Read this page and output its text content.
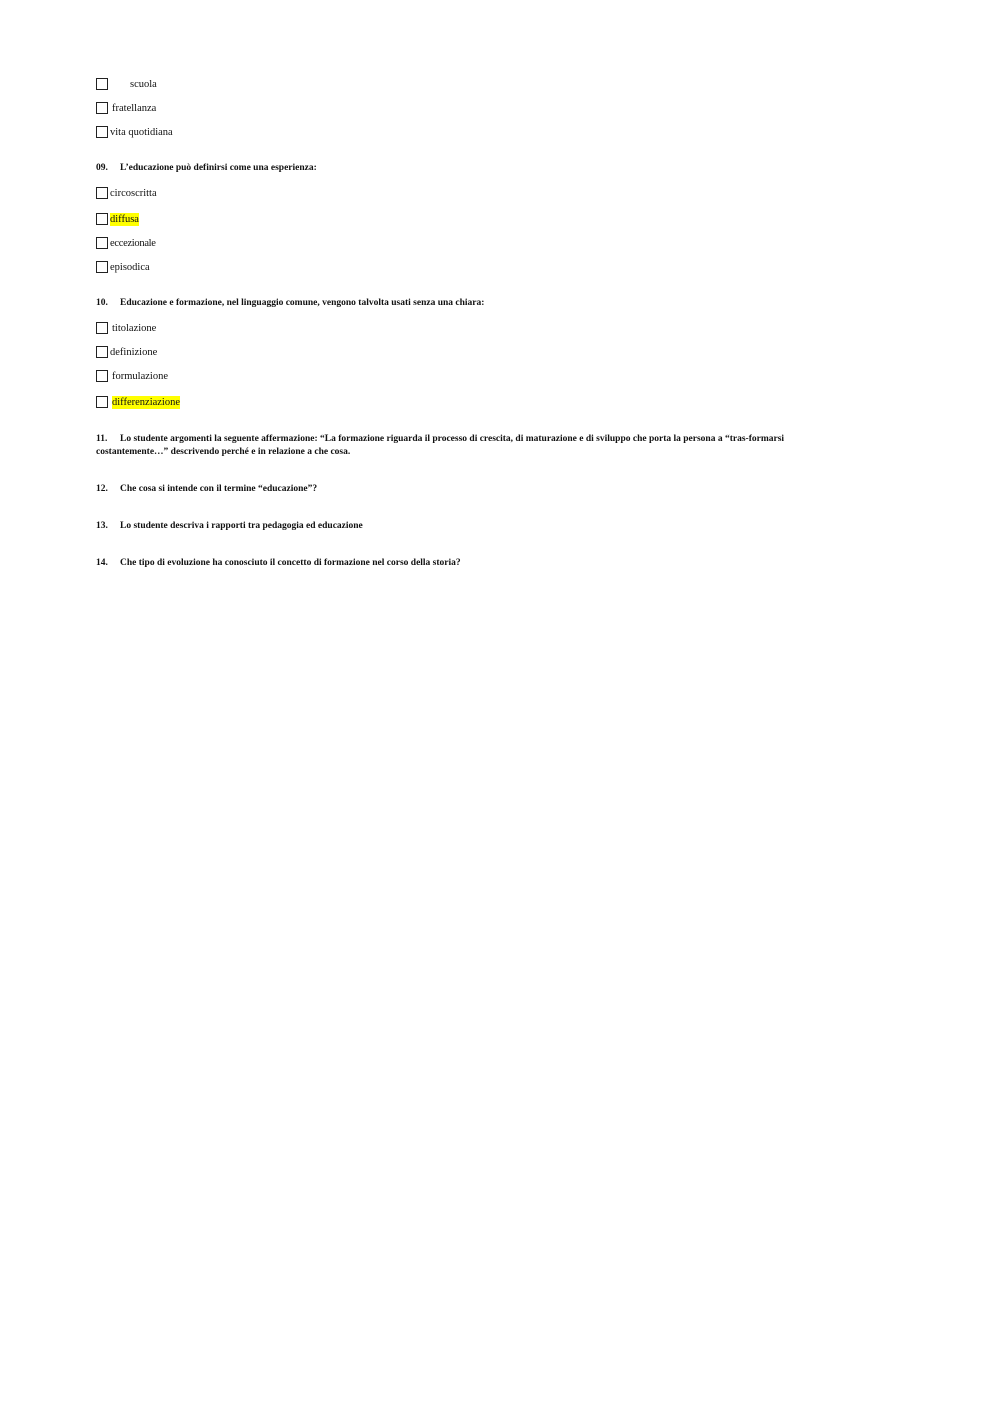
scuola
fratellanza
vita quotidiana
09. L’educazione può definirsi come una esperienza:
circoscritta
diffusa
eccezionale
episodica
10. Educazione e formazione, nel linguaggio comune, vengono talvolta usati senza una chiara:
titolazione
definizione
formulazione
differenziazione
11. Lo studente argomenti la seguente affermazione: “La formazione riguarda il processo di crescita, di maturazione e di sviluppo che porta la persona a “tras-formarsi costantemente…” descrivendo perché e in relazione a che cosa.
12. Che cosa si intende con il termine “educazione”?
13. Lo studente descriva i rapporti tra pedagogia ed educazione
14. Che tipo di evoluzione ha conosciuto il concetto di formazione nel corso della storia?
